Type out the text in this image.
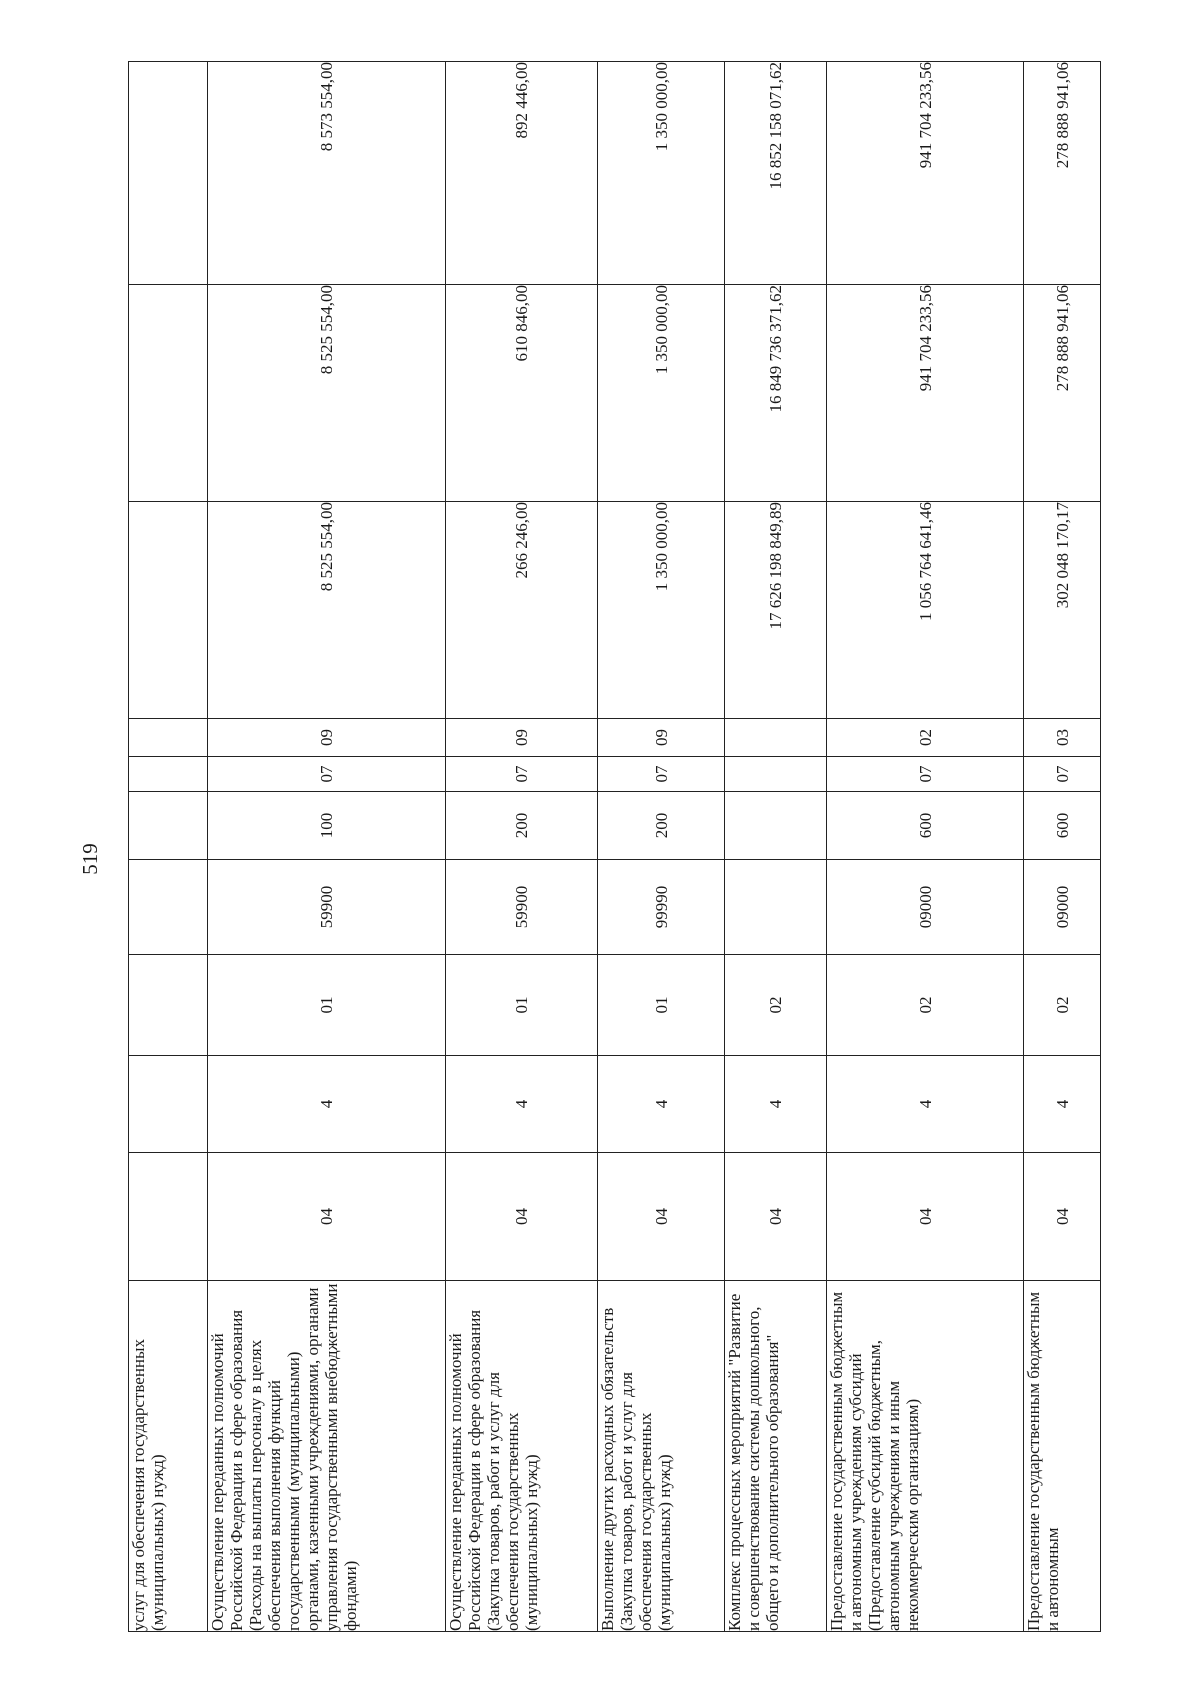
519
услуг для обеспечения государственных (муниципальных) нужд)										
Осуществление переданных полномочий Российской Федерации в сфере образования (Расходы на выплаты персоналу в целях обеспечения выполнения функций государственными (муниципальными) органами, казенными учреждениями, органами управления государственными внебюджетными фондами)	04	4	01	59900	100	07	09	8 525 554,00	8 525 554,00	8 573 554,00
Осуществление переданных полномочий Российской Федерации в сфере образования (Закупка товаров, работ и услуг для обеспечения государственных (муниципальных) нужд)	04	4	01	59900	200	07	09	266 246,00	610 846,00	892 446,00
Выполнение других расходных обязательств (Закупка товаров, работ и услуг для обеспечения государственных (муниципальных) нужд)	04	4	01	99990	200	07	09	1 350 000,00	1 350 000,00	1 350 000,00
Комплекс процессных мероприятий "Развитие и совершенствование системы дошкольного, общего и дополнительного образования"	04	4	02					17 626 198 849,89	16 849 736 371,62	16 852 158 071,62
Предоставление государственным бюджетным и автономным учреждениям субсидий (Предоставление субсидий бюджетным, автономным учреждениям и иным некоммерческим организациям)	04	4	02	09000	600	07	02	1 056 764 641,46	941 704 233,56	941 704 233,56
Предоставление государственным бюджетным и автономным	04	4	02	09000	600	07	03	302 048 170,17	278 888 941,06	278 888 941,06
